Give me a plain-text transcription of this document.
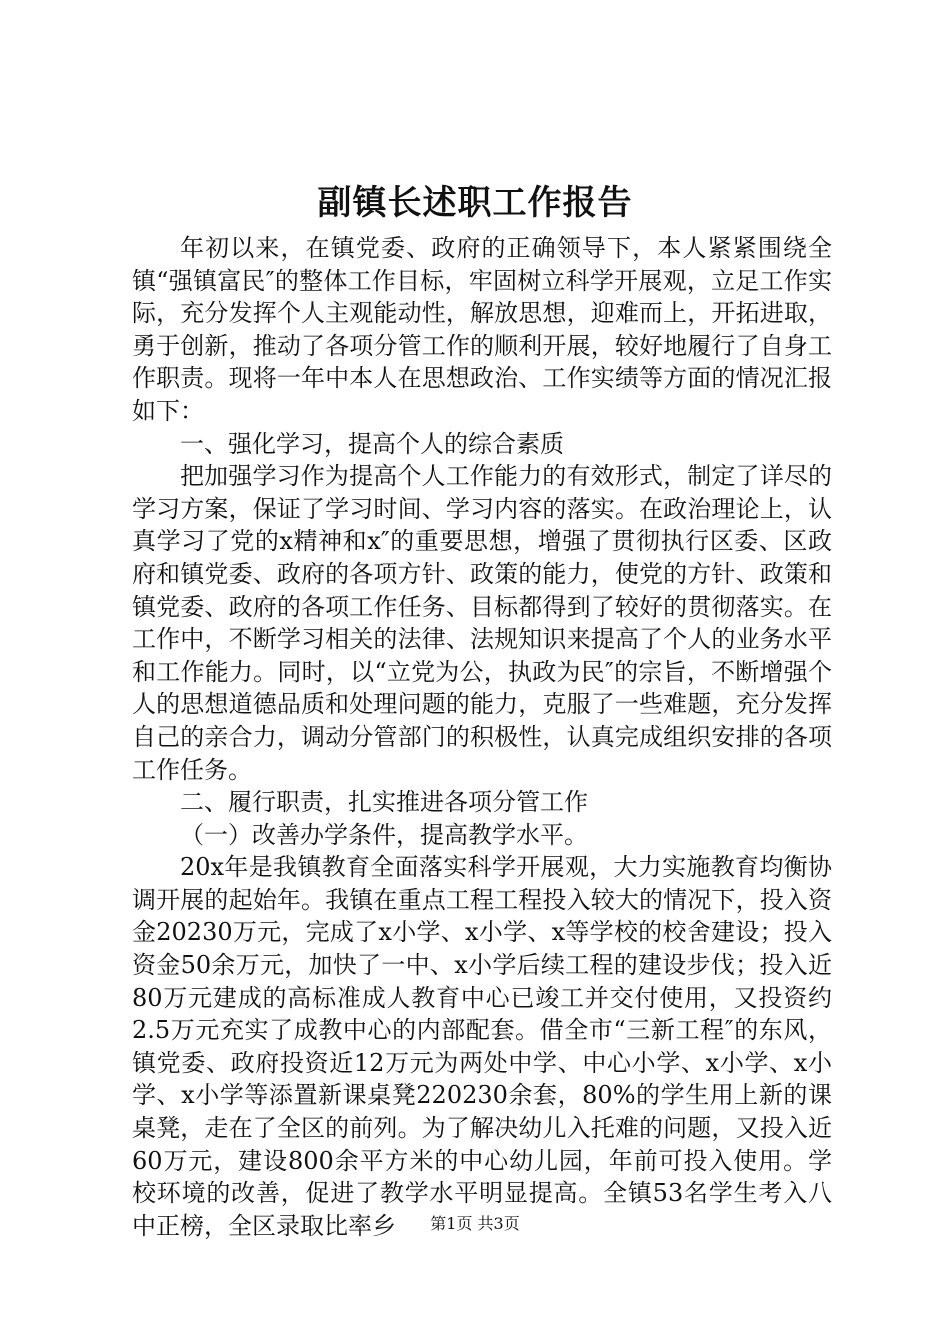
副镇长述职工作报告

年初以来，在镇党委、政府的正确领导下，本人紧紧围绕全镇“强镇富民″的整体工作目标，牢固树立科学开展观，立足工作实际，充分发挥个人主观能动性，解放思想，迎难而上，开拓进取，勇于创新，推动了各项分管工作的顺利开展，较好地履行了自身工作职责。现将一年中本人在思想政治、工作实绩等方面的情况汇报如下：

一、强化学习，提高个人的综合素质

把加强学习作为提高个人工作能力的有效形式，制定了详尽的学习方案，保证了学习时间、学习内容的落实。在政治理论上，认真学习了党的x精神和x″的重要思想，增强了贯彻执行区委、区政府和镇党委、政府的各项方针、政策的能力，使党的方针、政策和镇党委、政府的各项工作任务、目标都得到了较好的贯彻落实。在工作中，不断学习相关的法律、法规知识来提高了个人的业务水平和工作能力。同时，以“立党为公，执政为民″的宗旨，不断增强个人的思想道德品质和处理问题的能力，克服了一些难题，充分发挥自己的亲合力，调动分管部门的积极性，认真完成组织安排的各项工作任务。

二、履行职责，扎实推进各项分管工作

（一）改善办学条件，提高教学水平。

20x年是我镇教育全面落实科学开展观，大力实施教育均衡协调开展的起始年。我镇在重点工程工程投入较大的情况下，投入资金20230万元，完成了x小学、x小学、x等学校的校舍建设；投入资金50余万元，加快了一中、x小学后续工程的建设步伐；投入近80万元建成的高标准成人教育中心已竣工并交付使用，又投资约2.5万元充实了成教中心的内部配套。借全市“三新工程″的东风，镇党委、政府投资近12万元为两处中学、中心小学、x小学、x小学、x小学等添置新课桌凳220230余套，80%的学生用上新的课桌凳，走在了全区的前列。为了解决幼儿入托难的问题，又投入近60万元，建设800余平方米的中心幼儿园，年前可投入使用。学校环境的改善，促进了教学水平明显提高。全镇53名学生考入八中正榜，全区录取比率乡	第1页 共3页
